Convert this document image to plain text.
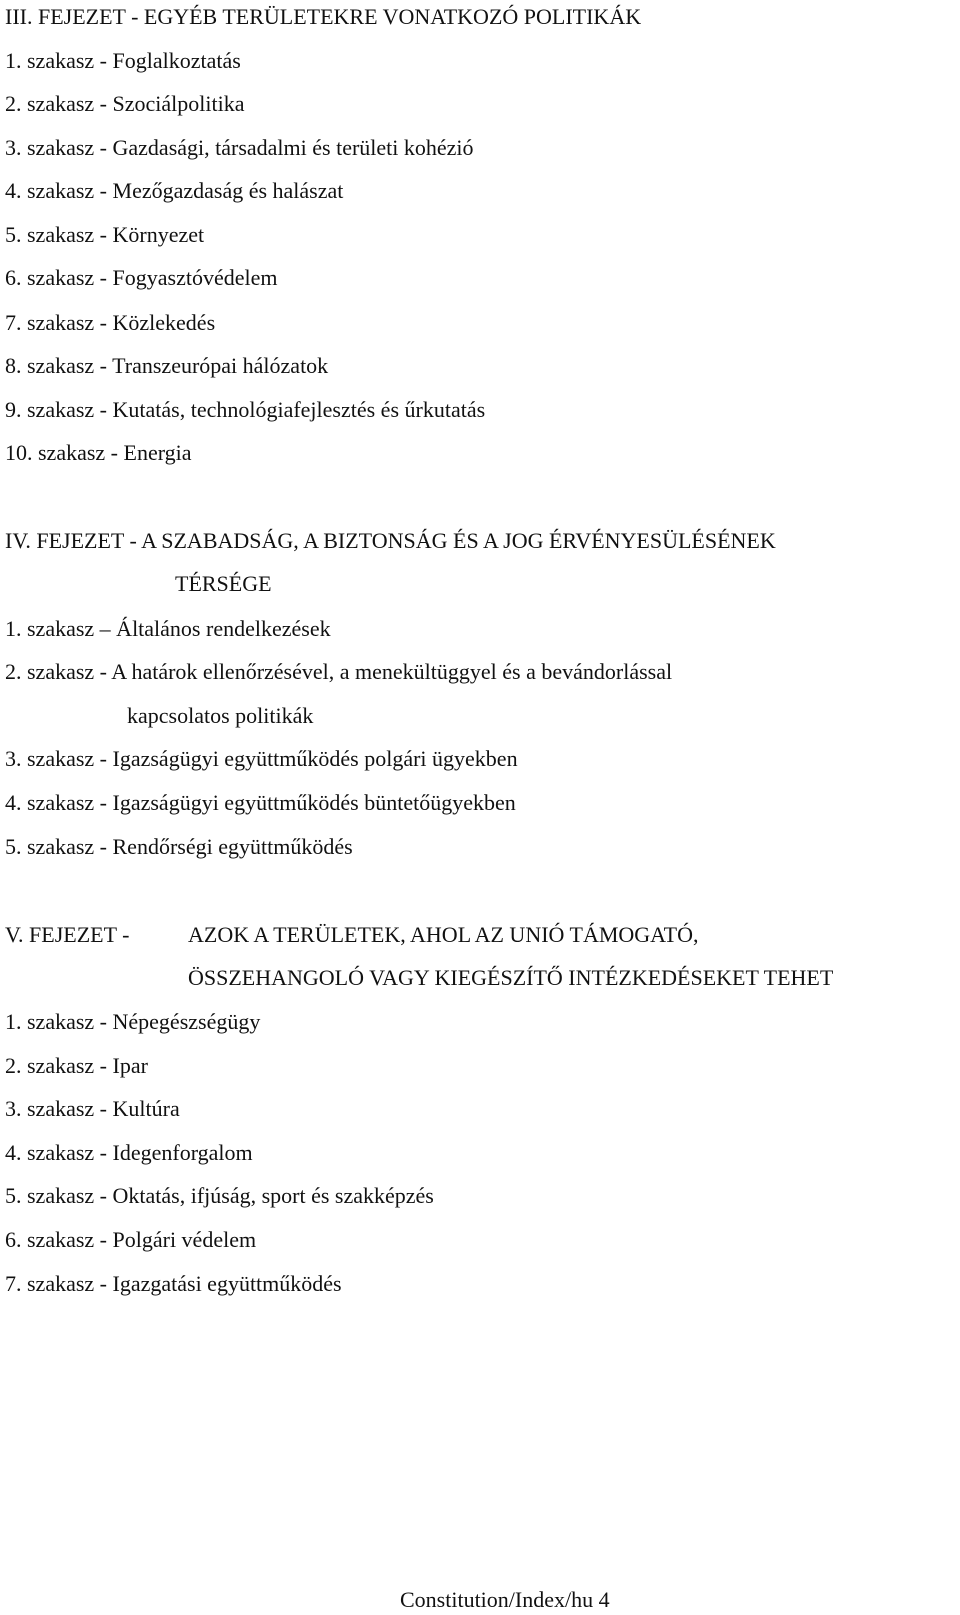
III. FEJEZET - EGYÉB TERÜLETEKRE VONATKOZÓ POLITIKÁK
1. szakasz - Foglalkoztatás
2. szakasz - Szociálpolitika
3. szakasz - Gazdasági, társadalmi és területi kohézió
4. szakasz - Mezőgazdaság és halászat
5. szakasz - Környezet
6. szakasz - Fogyasztóvédelem
7. szakasz - Közlekedés
8. szakasz - Transzeurópai hálózatok
9. szakasz - Kutatás, technológiafejlesztés és űrkutatás
10. szakasz - Energia
IV. FEJEZET - A SZABADSÁG, A BIZTONSÁG ÉS A JOG ÉRVÉNYESÜLÉSÉNEK
TÉRSÉGE
1. szakasz – Általános rendelkezések
2. szakasz - A határok ellenőrzésével, a menekültüggyel és a bevándorlással
kapcsolatos politikák
3. szakasz - Igazságügyi együttműködés polgári ügyekben
4. szakasz - Igazságügyi együttműködés büntetőügyekben
5. szakasz - Rendőrségi együttműködés
V. FEJEZET -	AZOK A TERÜLETEK, AHOL AZ UNIÓ TÁMOGATÓ,
ÖSSZEHANGOLÓ VAGY KIEGÉSZÍTŐ INTÉZKEDÉSEKET TEHET
1. szakasz - Népegészségügy
2. szakasz - Ipar
3. szakasz - Kultúra
4. szakasz - Idegenforgalom
5. szakasz - Oktatás, ifjúság, sport és szakképzés
6. szakasz - Polgári védelem
7. szakasz - Igazgatási együttműködés
Constitution/Index/hu 4
